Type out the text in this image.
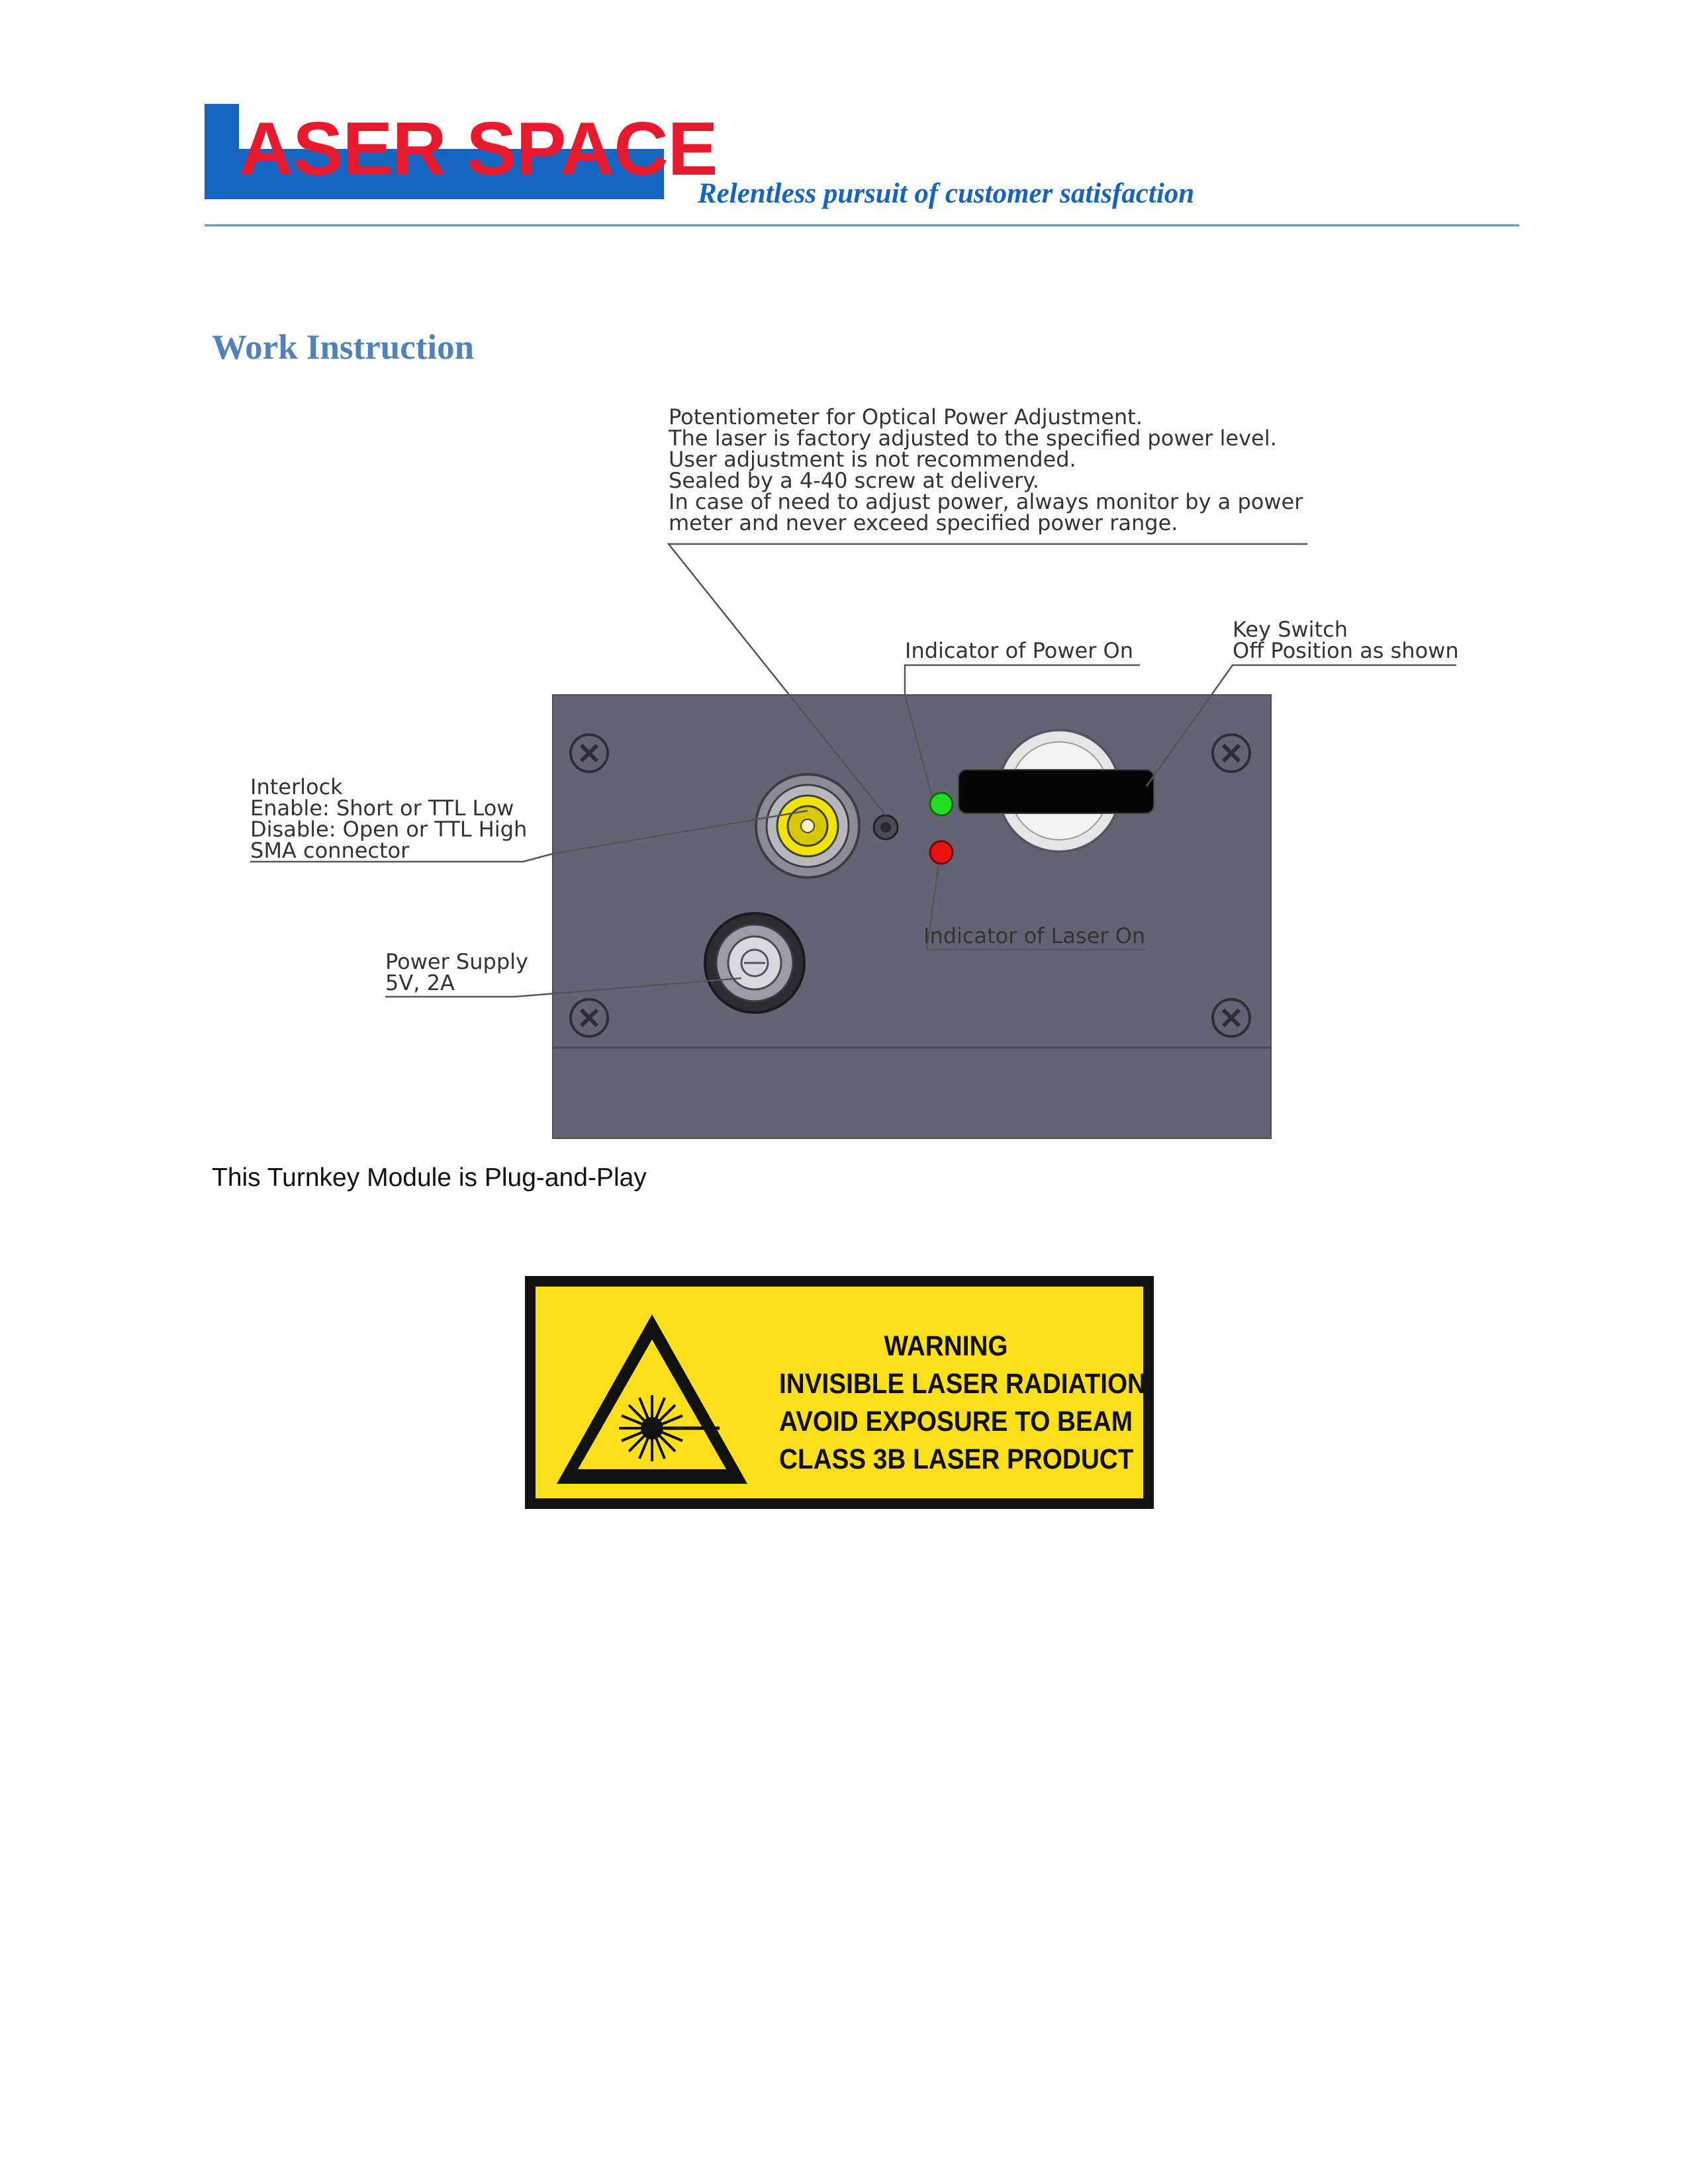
ASER SPACE
Relentless pursuit of customer satisfaction
Work Instruction
Potentiometer for Optical Power Adjustment.
The laser is factory adjusted to the specified power level.
User adjustment is not recommended.
Sealed by a 4-40 screw at delivery.
In case of need to adjust power, always monitor by a power
meter and never exceed specified power range.
Indicator of Power On
Key Switch
Off Position as shown
Interlock
Enable: Short or TTL Low
Disable: Open or TTL High
SMA connector
Power Supply
5V, 2A
Indicator of Laser On
This Turnkey Module is Plug-and-Play
WARNING
INVISIBLE LASER RADIATION
AVOID EXPOSURE TO BEAM
CLASS 3B LASER PRODUCT
